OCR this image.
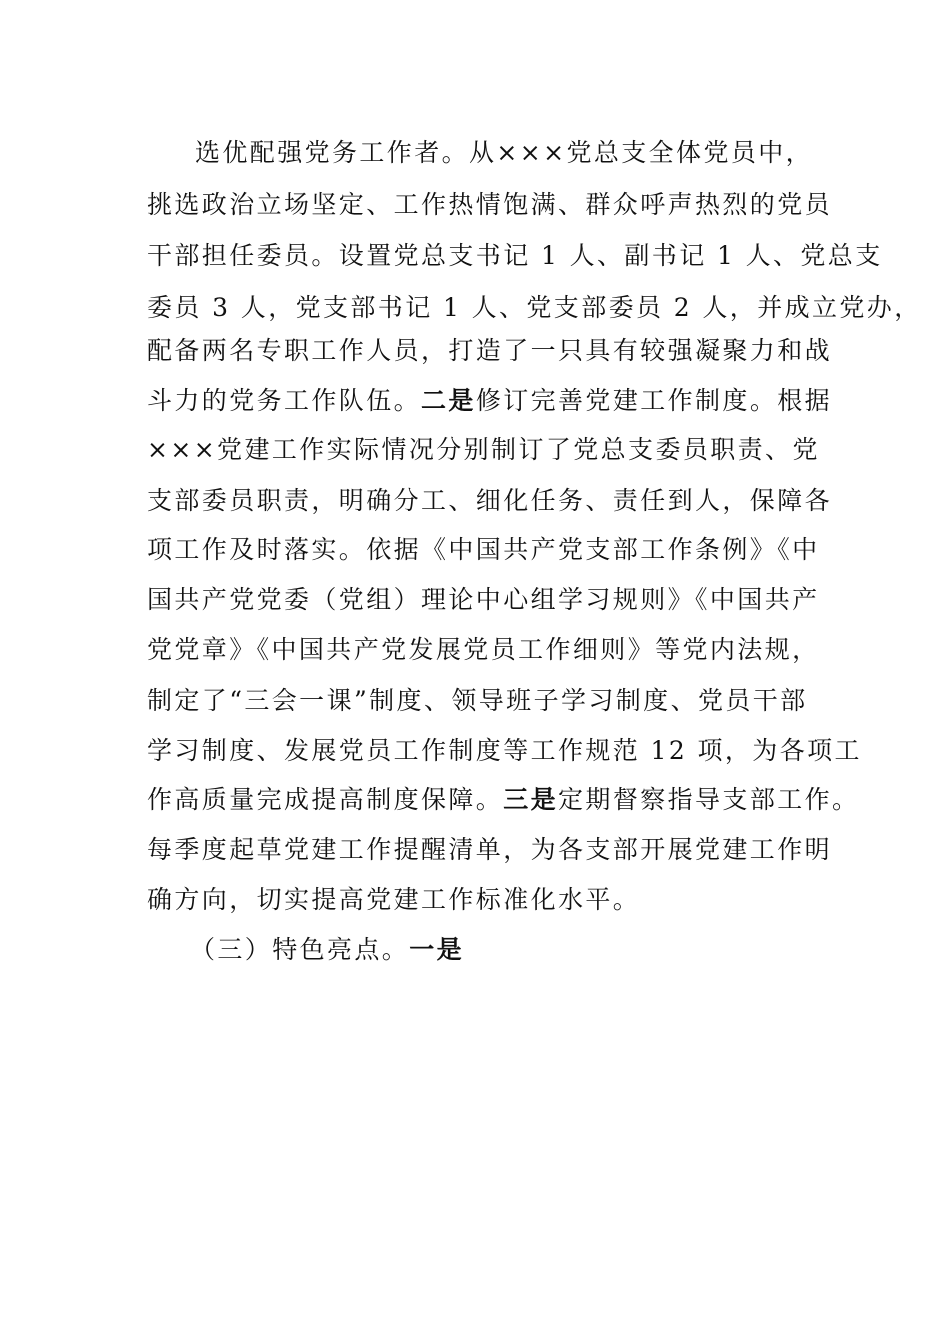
选优配强党务工作者。从×××党总支全体党员中，
挑选政治立场坚定、工作热情饱满、群众呼声热烈的党员
干部担任委员。设置党总支书记 1 人、副书记 1 人、党总支
委员 3 人，党支部书记 1 人、党支部委员 2 人，并成立党办，
配备两名专职工作人员，打造了一只具有较强凝聚力和战
斗力的党务工作队伍。二是修订完善党建工作制度。根据
×××党建工作实际情况分别制订了党总支委员职责、党
支部委员职责，明确分工、细化任务、责任到人，保障各
项工作及时落实。依据《中国共产党支部工作条例》《中
国共产党党委（党组）理论中心组学习规则》《中国共产
党党章》《中国共产党发展党员工作细则》等党内法规，
制定了“三会一课”制度、领导班子学习制度、党员干部
学习制度、发展党员工作制度等工作规范 12 项，为各项工
作高质量完成提高制度保障。三是定期督察指导支部工作。
每季度起草党建工作提醒清单，为各支部开展党建工作明
确方向，切实提高党建工作标准化水平。
（三）特色亮点。一是
